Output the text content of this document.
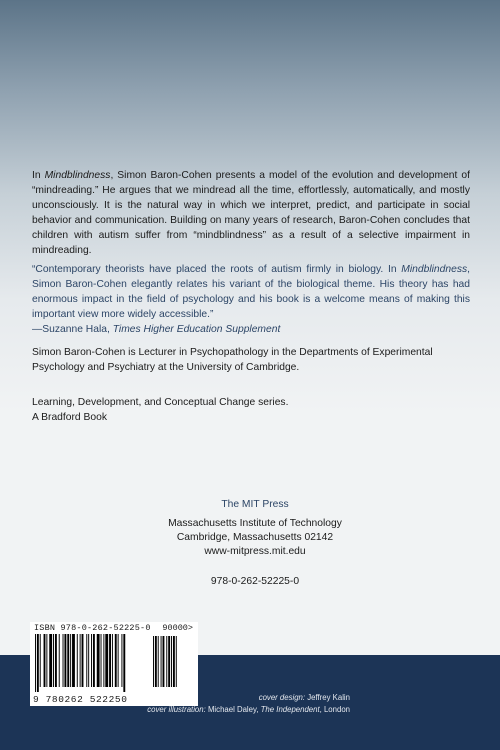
In Mindblindness, Simon Baron-Cohen presents a model of the evolution and development of “mindreading.” He argues that we mindread all the time, effortlessly, automatically, and mostly unconsciously. It is the natural way in which we interpret, predict, and participate in social behavior and communication. Building on many years of research, Baron-Cohen concludes that children with autism suffer from “mindblindness” as a result of a selective impairment in mindreading.
“Contemporary theorists have placed the roots of autism firmly in biology. In Mindblindness, Simon Baron-Cohen elegantly relates his variant of the biological theme. His theory has had enormous impact in the field of psychology and his book is a welcome means of making this important view more widely accessible.”
—Suzanne Hala, Times Higher Education Supplement
Simon Baron-Cohen is Lecturer in Psychopathology in the Departments of Experimental Psychology and Psychiatry at the University of Cambridge.
Learning, Development, and Conceptual Change series.
A Bradford Book
The MIT Press
Massachusetts Institute of Technology
Cambridge, Massachusetts 02142
www-mitpress.mit.edu
978-0-262-52225-0
ISBN 978-0-262-52225-0 90000>
9 780262 522250	cover design: Jeffrey Kalin
cover illustration: Michael Daley, The Independent, London
